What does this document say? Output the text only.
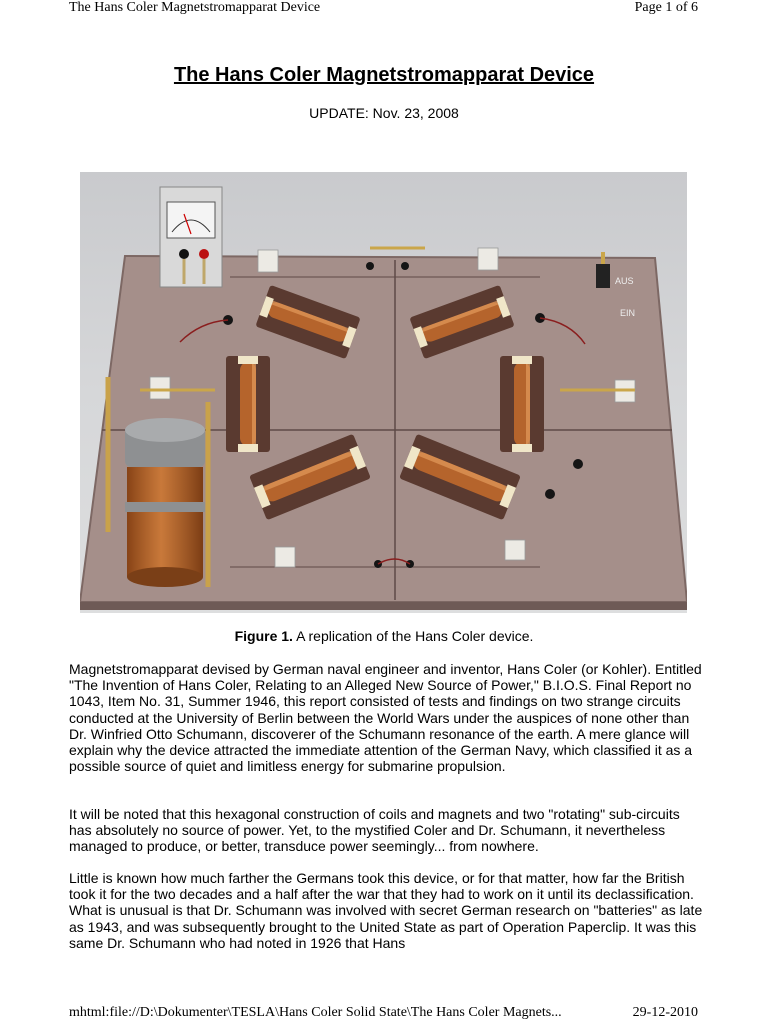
The Hans Coler Magnetstromapparat Device	Page 1 of 6
The Hans Coler Magnetstromapparat Device
UPDATE: Nov. 23, 2008
AUS
EIN
Figure 1. A replication of the Hans Coler device.

Magnetstromapparat devised by German naval engineer and inventor, Hans Coler (or Kohler). Entitled "The Invention of Hans Coler, Relating to an Alleged New Source of Power," B.I.O.S. Final Report no 1043, Item No. 31, Summer 1946, this report consisted of tests and findings on two strange circuits conducted at the University of Berlin between the World Wars under the auspices of none other than Dr. Winfried Otto Schumann, discoverer of the Schumann resonance of the earth. A mere glance will explain why the device attracted the immediate attention of the German Navy, which classified it as a possible source of quiet and limitless energy for submarine propulsion.

It will be noted that this hexagonal construction of coils and magnets and two "rotating" sub-circuits has absolutely no source of power. Yet, to the mystified Coler and Dr. Schumann, it nevertheless managed to produce, or better, transduce power seemingly... from nowhere.

Little is known how much farther the Germans took this device, or for that matter, how far the British took it for the two decades and a half after the war that they had to work on it until its declassification. What is unusual is that Dr. Schumann was involved with secret German research on "batteries" as late as 1943, and was subsequently brought to the United State as part of Operation Paperclip. It was this same Dr. Schumann who had noted in 1926 that Hans

mhtml:file://D:\Dokumenter\TESLA\Hans Coler Solid State\The Hans Coler Magnets...	29-12-2010
